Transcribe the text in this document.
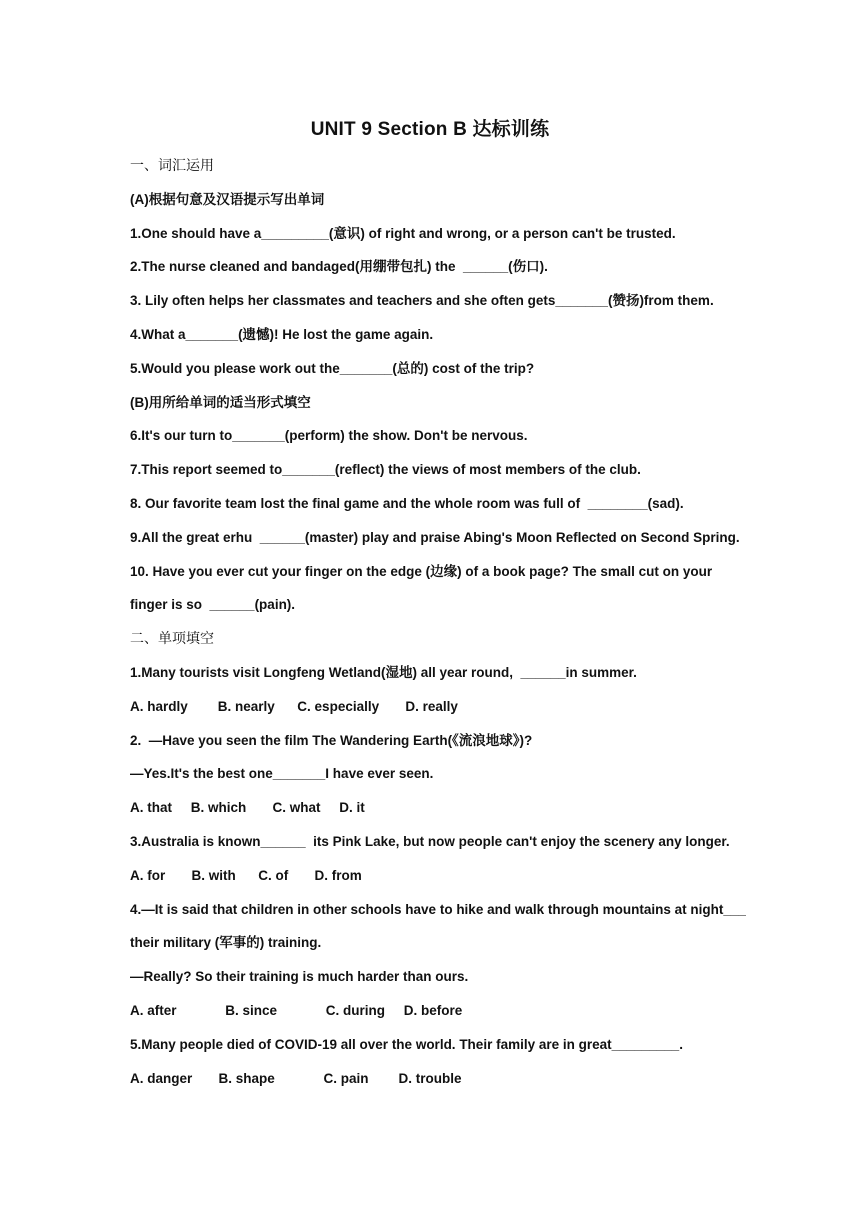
UNIT 9 Section B 达标训练
一、词汇运用
(A)根据句意及汉语提示写出单词
1.One should have a_________(意识) of right and wrong, or a person can't be trusted.
2.The nurse cleaned and bandaged(用绷带包扎) the  ______(伤口).
3. Lily often helps her classmates and teachers and she often gets_______(赞扬)from them.
4.What a_______(遗憾)! He lost the game again.
5.Would you please work out the_______(总的) cost of the trip?
(B)用所给单词的适当形式填空
6.It's our turn to_______(perform) the show. Don't be nervous.
7.This report seemed to_______(reflect) the views of most members of the club.
8. Our favorite team lost the final game and the whole room was full of  ________(sad).
9.All the great erhu  ______(master) play and praise Abing's Moon Reflected on Second Spring.
10. Have you ever cut your finger on the edge (边缘) of a book page? The small cut on your
finger is so  ______(pain).
二、单项填空
1.Many tourists visit Longfeng Wetland(湿地) all year round,  ______in summer.
A. hardly        B. nearly      C. especially       D. really
2.  —Have you seen the film The Wandering Earth(《流浪地球》)?
—Yes.It's the best one_______I have ever seen.
A. that     B. which       C. what     D. it
3.Australia is known______  its Pink Lake, but now people can't enjoy the scenery any longer.
A. for       B. with      C. of       D. from
4.—It is said that children in other schools have to hike and walk through mountains at night___
their military (军事的) training.
—Really? So their training is much harder than ours.
A. after             B. since             C. during     D. before
5.Many people died of COVID-19 all over the world. Their family are in great_________.
A. danger       B. shape             C. pain        D. trouble
